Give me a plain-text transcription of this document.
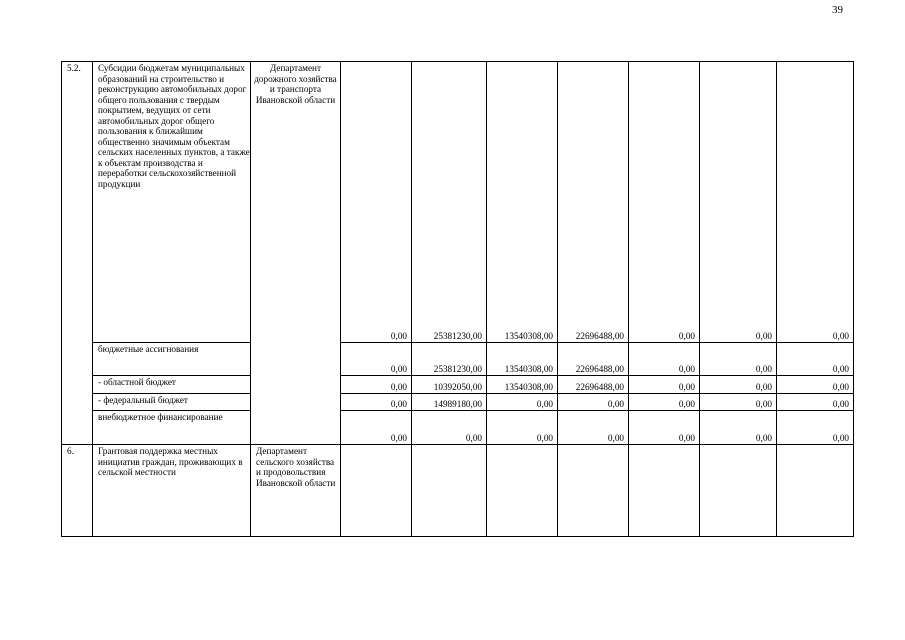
39
5.2.	Субсидии бюджетам муниципальных образований на строительство и реконструкцию автомобильных дорог общего пользования с твердым покрытием, ведущих от сети автомобильных дорог общего пользования к ближайшим общественно значимым объектам сельских населенных пунктов, а также к объектам производства и переработки сельскохозяйственной продукции	Департамент дорожного хозяйства и транспорта Ивановской области	0,00	25381230,00	13540308,00	22696488,00	0,00	0,00	0,00
	бюджетные ассигнования		0,00	25381230,00	13540308,00	22696488,00	0,00	0,00	0,00
	- областной бюджет		0,00	10392050,00	13540308,00	22696488,00	0,00	0,00	0,00
	- федеральный бюджет		0,00	14989180,00	0,00	0,00	0,00	0,00	0,00
	внебюджетное финансирование		0,00	0,00	0,00	0,00	0,00	0,00	0,00
6.	Грантовая поддержка местных инициатив граждан, проживающих в сельской местности	Департамент сельского хозяйства и продовольствия Ивановской области							
